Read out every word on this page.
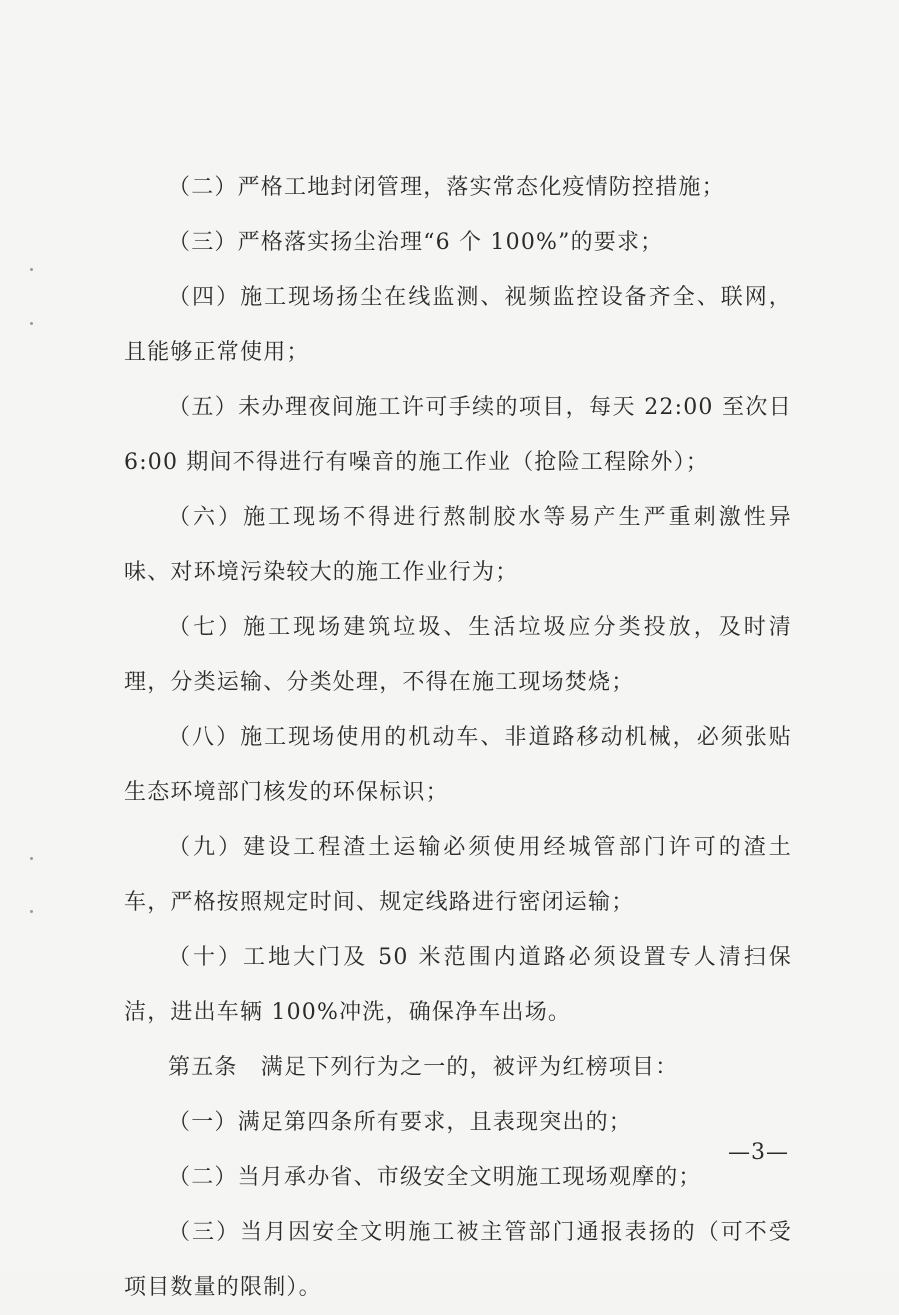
（二）严格工地封闭管理，落实常态化疫情防控措施；

（三）严格落实扬尘治理“6 个 100%”的要求；

（四）施工现场扬尘在线监测、视频监控设备齐全、联网，且能够正常使用；

（五）未办理夜间施工许可手续的项目，每天 22:00 至次日 6:00 期间不得进行有噪音的施工作业（抢险工程除外）；

（六）施工现场不得进行熬制胶水等易产生严重刺激性异味、对环境污染较大的施工作业行为；

（七）施工现场建筑垃圾、生活垃圾应分类投放，及时清理，分类运输、分类处理，不得在施工现场焚烧；

（八）施工现场使用的机动车、非道路移动机械，必须张贴生态环境部门核发的环保标识；

（九）建设工程渣土运输必须使用经城管部门许可的渣土车，严格按照规定时间、规定线路进行密闭运输；

（十）工地大门及 50 米范围内道路必须设置专人清扫保洁，进出车辆 100%冲洗，确保净车出场。

第五条　满足下列行为之一的，被评为红榜项目：

（一）满足第四条所有要求，且表现突出的；

（二）当月承办省、市级安全文明施工现场观摩的；

（三）当月因安全文明施工被主管部门通报表扬的（可不受项目数量的限制）。

—3—
